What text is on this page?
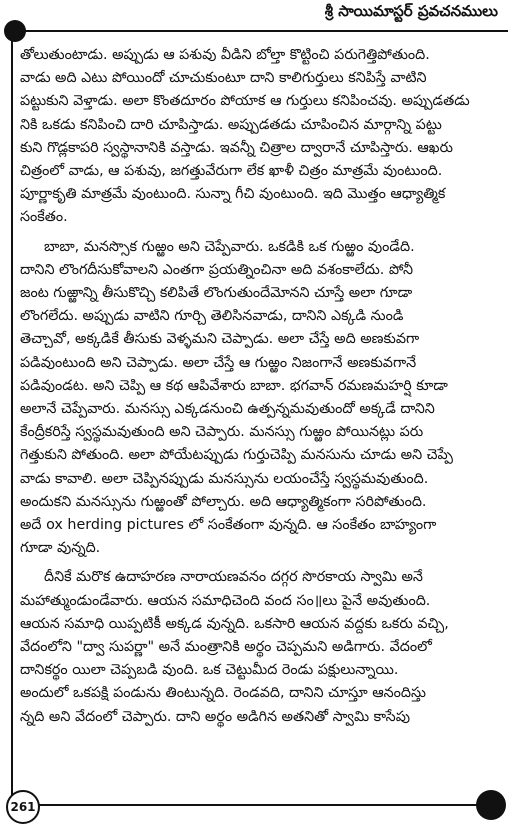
శ్రీ సాయిమాస్టర్ ప్రవచనములు

తోలుతుంటాడు. అప్పుడు ఆ పశువు వీడిని బోల్తా కొట్టించి పరుగెత్తిపోతుంది.
వాడు అది ఎటు పోయిందో చూచుకుంటూ దాని కాలిగుర్తులు కనిపిస్తే వాటిని
పట్టుకుని వెళ్తాడు. అలా కొంతదూరం పోయాక ఆ గుర్తులు కనిపించవు. అప్పుడతడు
నికి ఒకడు కనిపించి దారి చూపిస్తాడు. అప్పుడతడు చూపించిన మార్గాన్ని పట్టు
కుని గొడ్లకాపరి స్వస్థానానికి వస్తాడు. ఇవన్నీ చిత్రాల ద్వారానే చూపిస్తారు. ఆఖరు
చిత్రంలో వాడు, ఆ పశువు, జగత్తువేరుగా లేక ఖాళీ చిత్రం మాత్రమే వుంటుంది.
పూర్ణాకృతి మాత్రమే వుంటుంది. సున్నా గీచి వుంటుంది. ఇది మొత్తం ఆధ్యాత్మిక
సంకేతం.

బాబా, మనస్సొక గుఱ్ఱం అని చెప్పేవారు. ఒకడికి ఒక గుఱ్ఱం వుండేది.
దానిని లొంగదీసుకోవాలని ఎంతగా ప్రయత్నించినా అది వశంకాలేదు. పోనీ
జంట గుఱ్ఱాన్ని తీసుకొచ్చి కలిపితే లొంగుతుందేమోనని చూస్తే అలా గూడా
లొంగలేదు. అప్పుడు వాటిని గూర్చి తెలిసినవాడు, దానిని ఎక్కడి నుండి
తెచ్చావో, అక్కడికే తీసుకు వెళ్ళమని చెప్పాడు. అలా చేస్తే అది అణకువగా
పడివుంటుంది అని చెప్పాడు. అలా చేస్తే ఆ గుఱ్ఱం నిజంగానే అణకువగానే
పడివుండట. అని చెప్పి ఆ కథ ఆపివేశారు బాబా. భగవాన్ రమణమహర్షి కూడా
అలానే చెప్పేవారు. మనస్సు ఎక్కడనుంచి ఉత్పన్నమవుతుందో అక్కడే దానిని
కేంద్రీకరిస్తే స్వస్థమవుతుంది అని చెప్పారు. మనస్సు గుఱ్ఱం పోయినట్లు పరు
గెత్తుకుని పోతుంది. అలా పోయేటప్పుడు గుర్తుచెప్పి మనసును చూడు అని చెప్పే
వాడు కావాలి. అలా చెప్పినప్పుడు మనస్సును లయంచేస్తే స్వస్థమవుతుంది.
అందుకని మనస్సును గుఱ్ఱంతో పోల్చారు. అది ఆధ్యాత్మికంగా సరిపోతుంది.
అదే ox herding pictures లో సంకేతంగా వున్నది. ఆ సంకేతం బాహ్యంగా
గూడా వున్నది.

దీనికే మరొక ఉదాహరణ నారాయణవనం దగ్గర సొరకాయ స్వామి అనే
మహాత్ముండుండేవారు. ఆయన సమాధిచెంది వంద సం॥లు పైనే అవుతుంది.
ఆయన సమాధి యిప్పటికీ అక్కడ వున్నది. ఒకసారి ఆయన వద్దకు ఒకరు వచ్చి,
వేదంలోని "ద్వా సుపర్ణా" అనే మంత్రానికి అర్థం చెప్పమని అడిగారు. వేదంలో
దానికర్థం యిలా చెప్పబడి వుంది. ఒక చెట్టుమీద రెండు పక్షులున్నాయి.
అందులో ఒకపక్షి పండును తింటున్నది. రెండవది, దానిని చూస్తూ ఆనందిస్తు
న్నది అని వేదంలో చెప్పారు. దాని అర్థం అడిగిన అతనితో స్వామి కాసేపు

261
